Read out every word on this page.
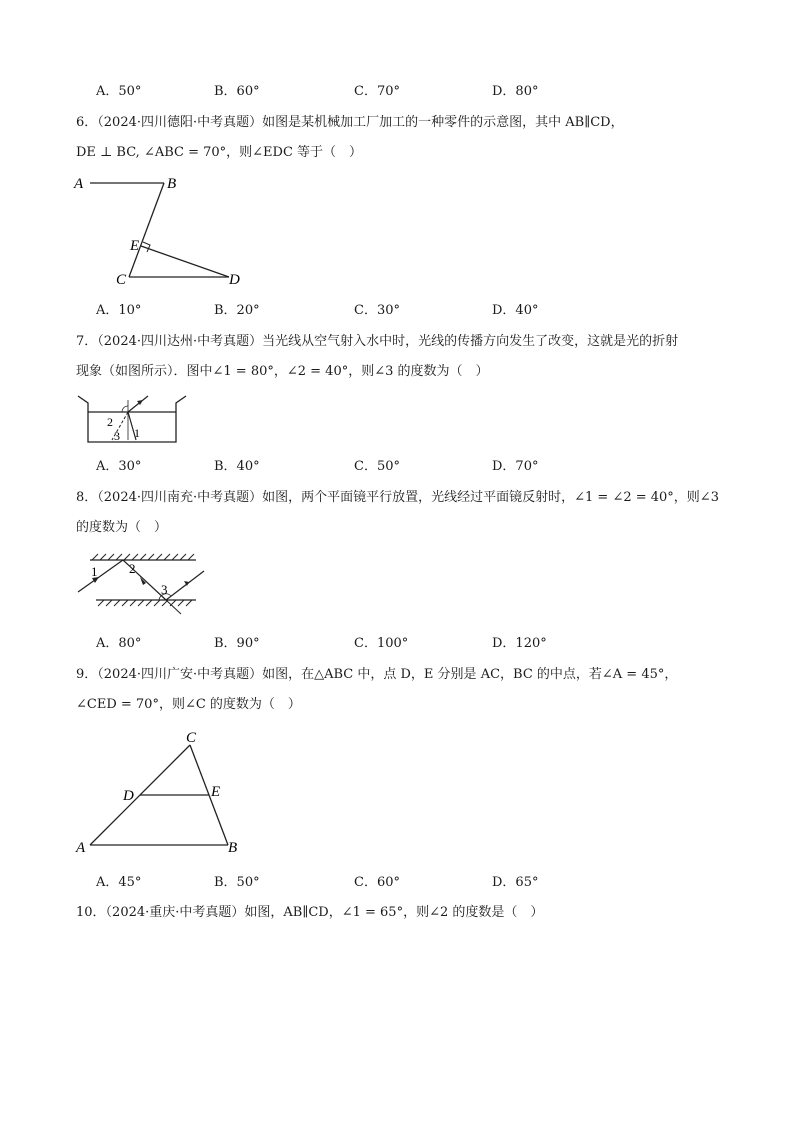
A．50°	B．60°	C．70°	D．80°
6．（2024·四川德阳·中考真题）如图是某机械加工厂加工的一种零件的示意图，其中 AB∥CD，
DE ⊥ BC, ∠ABC = 70°，则∠EDC 等于（　）
A	B
E
C	D
A．10°	B．20°	C．30°	D．40°
7．（2024·四川达州·中考真题）当光线从空气射入水中时，光线的传播方向发生了改变，这就是光的折射
现象（如图所示）．图中∠1 = 80°，∠2 = 40°，则∠3 的度数为（　）
2
3 1
A．30°	B．40°	C．50°	D．70°
8．（2024·四川南充·中考真题）如图，两个平面镜平行放置，光线经过平面镜反射时，∠1 = ∠2 = 40°，则∠3
的度数为（　）
1 2
3
A．80°	B．90°	C．100°	D．120°
9．（2024·四川广安·中考真题）如图，在△ABC 中，点 D，E 分别是 AC，BC 的中点，若∠A = 45°，
∠CED = 70°，则∠C 的度数为（　）
A	B
C
D	E
A．45°	B．50°	C．60°	D．65°
10．（2024·重庆·中考真题）如图，AB∥CD，∠1 = 65°，则∠2 的度数是（　）
